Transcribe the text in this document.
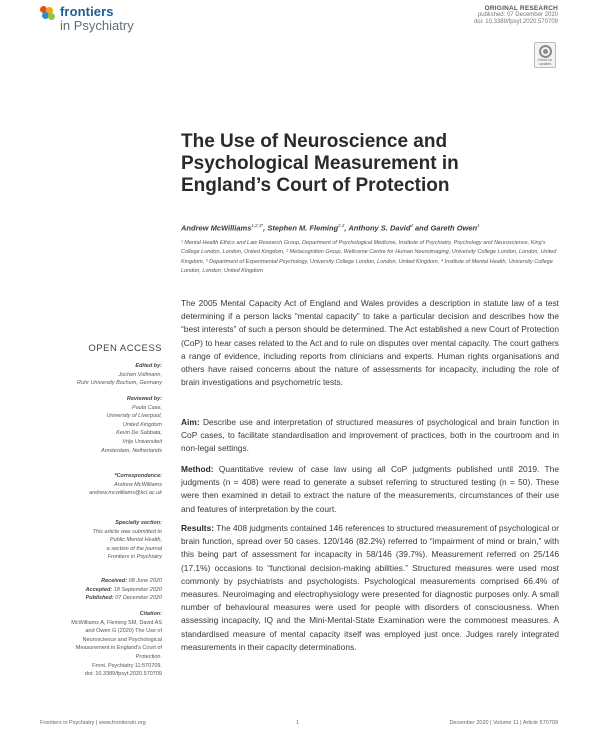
frontiers
in Psychiatry
ORIGINAL RESEARCH
published: 07 December 2020
doi: 10.3389/fpsyt.2020.570709
Check for updates
The Use of Neuroscience and Psychological Measurement in England’s Court of Protection
Andrew McWilliams$^{1,2,3*}$, Stephen M. Fleming$^{2,3}$, Anthony S. David$^4$ and Gareth Owen$^1$
¹ Mental Health Ethics and Law Research Group, Department of Psychological Medicine, Institute of Psychiatry, Psychology and Neuroscience, King’s College London, London, United Kingdom, ² Metacognition Group, Wellcome Centre for Human Neuroimaging, University College London, London, United Kingdom, ³ Department of Experimental Psychology, University College London, London, United Kingdom, ⁴ Institute of Mental Health, University College London, London, United Kingdom
OPEN ACCESS
Edited by:
Jochen Vollmann,
Ruhr University Bochum, Germany
Reviewed by:
Paula Case,
University of Liverpool,
United Kingdom
Kevin De Sabbata,
Vrije Universiteit
Amsterdam, Netherlands
*Correspondence:
Andrew McWilliams
andrew.mcwilliams@kcl.ac.uk
Specialty section:
This article was submitted to
Public Mental Health,
a section of the journal
Frontiers in Psychiatry
Received: 08 June 2020
Accepted: 18 September 2020
Published: 07 December 2020
Citation:
McWilliams A, Fleming SM, David AS
and Owen G (2020) The Use of
Neuroscience and Psychological
Measurement in England’s Court of
Protection.
Front. Psychiatry 11:570709.
doi: 10.3389/fpsyt.2020.570709

The 2005 Mental Capacity Act of England and Wales provides a description in statute law of a test determining if a person lacks “mental capacity” to take a particular decision and describes how the “best interests” of such a person should be determined. The Act established a new Court of Protection (CoP) to hear cases related to the Act and to rule on disputes over mental capacity. The court gathers a range of evidence, including reports from clinicians and experts. Human rights organisations and others have raised concerns about the nature of assessments for incapacity, including the role of brain investigations and psychometric tests.

Aim: Describe use and interpretation of structured measures of psychological and brain function in CoP cases, to facilitate standardisation and improvement of practices, both in the courtroom and in non-legal settings.

Method: Quantitative review of case law using all CoP judgments published until 2019. The judgments (n = 408) were read to generate a subset referring to structured testing (n = 50). These were then examined in detail to extract the nature of the measurements, circumstances of their use and features of interpretation by the court.

Results: The 408 judgments contained 146 references to structured measurement of psychological or brain function, spread over 50 cases. 120/146 (82.2%) referred to “impairment of mind or brain,” with this being part of assessment for incapacity in 58/146 (39.7%). Measurement referred on 25/146 (17.1%) occasions to “functional decision-making abilities.” Structured measures were used most commonly by psychiatrists and psychologists. Psychological measurements comprised 66.4% of measures. Neuroimaging and electrophysiology were presented for diagnostic purposes only. A small number of behavioural measures were used for people with disorders of consciousness. When assessing incapacity, IQ and the Mini-Mental-State Examination were the commonest measures. A standardised measure of mental capacity itself was employed just once. Judges rarely integrated measurements in their capacity determinations.

Frontiers in Psychiatry | www.frontiersin.org	1	December 2020 | Volume 11 | Article 570709
